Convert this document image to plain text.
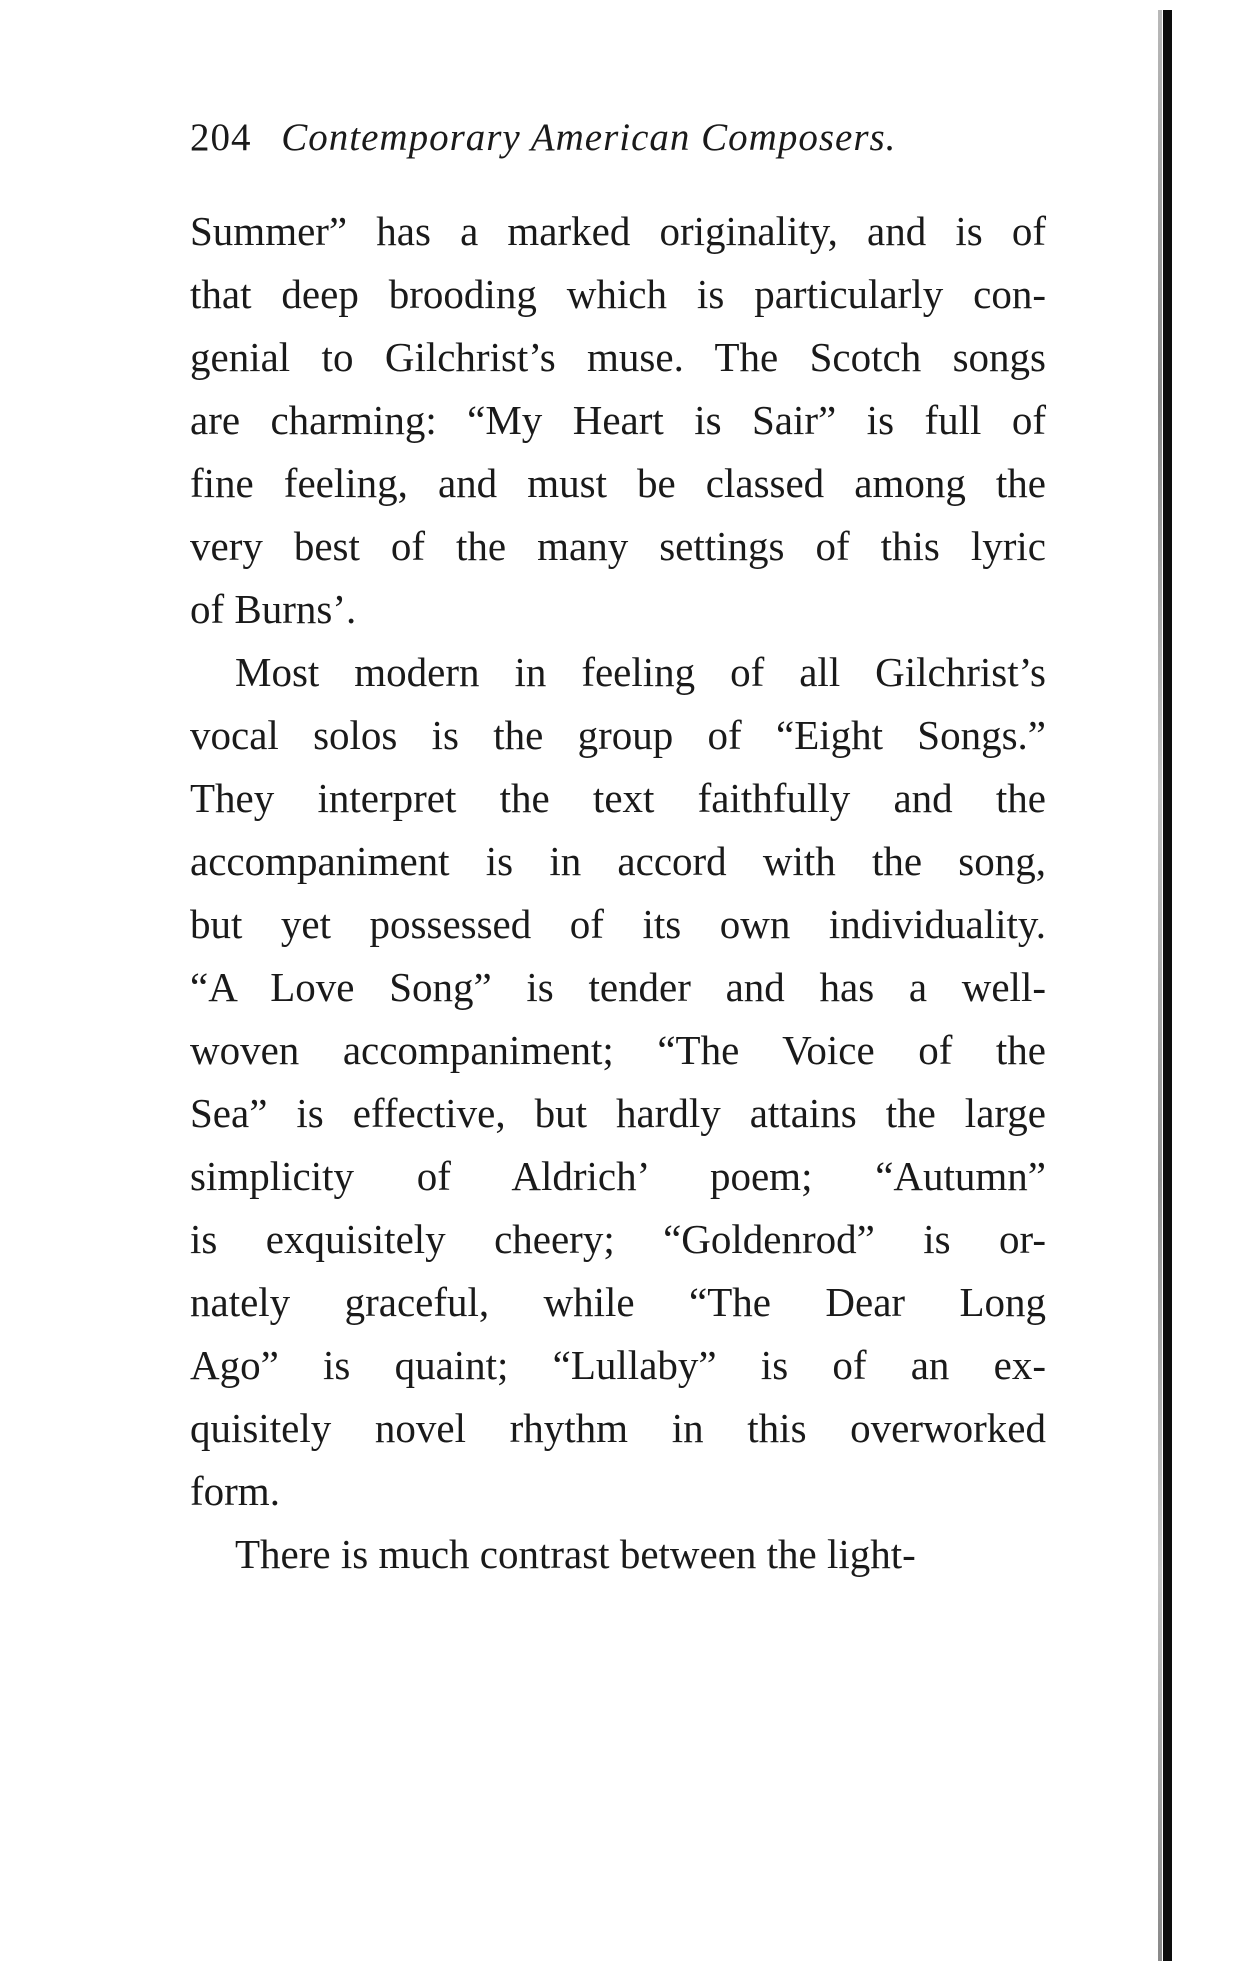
204 Contemporary American Composers.
Summer” has a marked originality, and is of
that deep brooding which is particularly con-
genial to Gilchrist’s muse. The Scotch songs
are charming: “My Heart is Sair” is full of
fine feeling, and must be classed among the
very best of the many settings of this lyric
of Burns’.
Most modern in feeling of all Gilchrist’s
vocal solos is the group of “Eight Songs.”
They interpret the text faithfully and the
accompaniment is in accord with the song,
but yet possessed of its own individuality.
“A Love Song” is tender and has a well-
woven accompaniment; “The Voice of the
Sea” is effective, but hardly attains the large
simplicity of Aldrich’ poem; “Autumn”
is exquisitely cheery; “Goldenrod” is or-
nately graceful, while “The Dear Long
Ago” is quaint; “Lullaby” is of an ex-
quisitely novel rhythm in this overworked
form.
There is much contrast between the light-
